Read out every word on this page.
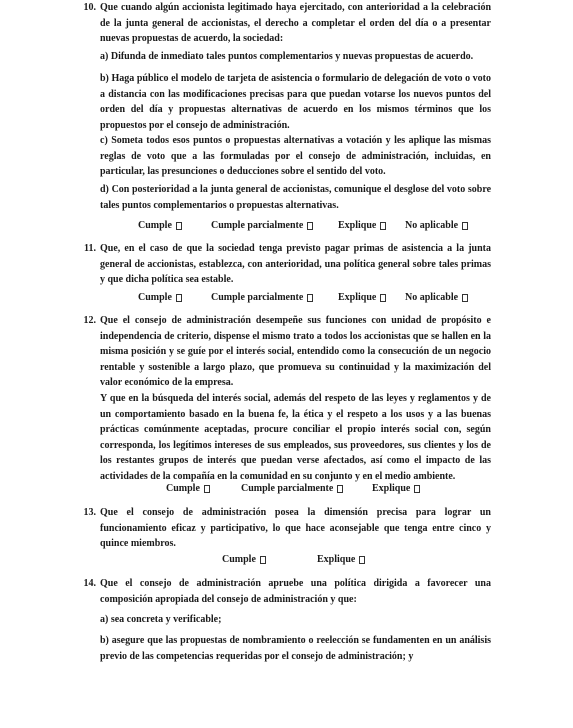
10. Que cuando algún accionista legitimado haya ejercitado, con anterioridad a la celebración de la junta general de accionistas, el derecho a completar el orden del día o a presentar nuevas propuestas de acuerdo, la sociedad:

a) Difunda de inmediato tales puntos complementarios y nuevas propuestas de acuerdo.

b) Haga público el modelo de tarjeta de asistencia o formulario de delegación de voto o voto a distancia con las modificaciones precisas para que puedan votarse los nuevos puntos del orden del día y propuestas alternativas de acuerdo en los mismos términos que los propuestos por el consejo de administración.

c) Someta todos esos puntos o propuestas alternativas a votación y les aplique las mismas reglas de voto que a las formuladas por el consejo de administración, incluidas, en particular, las presunciones o deducciones sobre el sentido del voto.

d) Con posterioridad a la junta general de accionistas, comunique el desglose del voto sobre tales puntos complementarios o propuestas alternativas.

Cumple	Cumple parcialmente	Explique	No aplicable
11. Que, en el caso de que la sociedad tenga previsto pagar primas de asistencia a la junta general de accionistas, establezca, con anterioridad, una política general sobre tales primas y que dicha política sea estable.

Cumple	Cumple parcialmente	Explique	No aplicable
12. Que el consejo de administración desempeñe sus funciones con unidad de propósito e independencia de criterio, dispense el mismo trato a todos los accionistas que se hallen en la misma posición y se guíe por el interés social, entendido como la consecución de un negocio rentable y sostenible a largo plazo, que promueva su continuidad y la maximización del valor económico de la empresa.

Y que en la búsqueda del interés social, además del respeto de las leyes y reglamentos y de un comportamiento basado en la buena fe, la ética y el respeto a los usos y a las buenas prácticas comúnmente aceptadas, procure conciliar el propio interés social con, según corresponda, los legítimos intereses de sus empleados, sus proveedores, sus clientes y los de los restantes grupos de interés que puedan verse afectados, así como el impacto de las actividades de la compañía en la comunidad en su conjunto y en el medio ambiente.

Cumple	Cumple parcialmente	Explique
13. Que el consejo de administración posea la dimensión precisa para lograr un funcionamiento eficaz y participativo, lo que hace aconsejable que tenga entre cinco y quince miembros.

Cumple	Explique
14. Que el consejo de administración apruebe una política dirigida a favorecer una composición apropiada del consejo de administración y que:

a) sea concreta y verificable;

b) asegure que las propuestas de nombramiento o reelección se fundamenten en un análisis previo de las competencias requeridas por el consejo de administración; y
